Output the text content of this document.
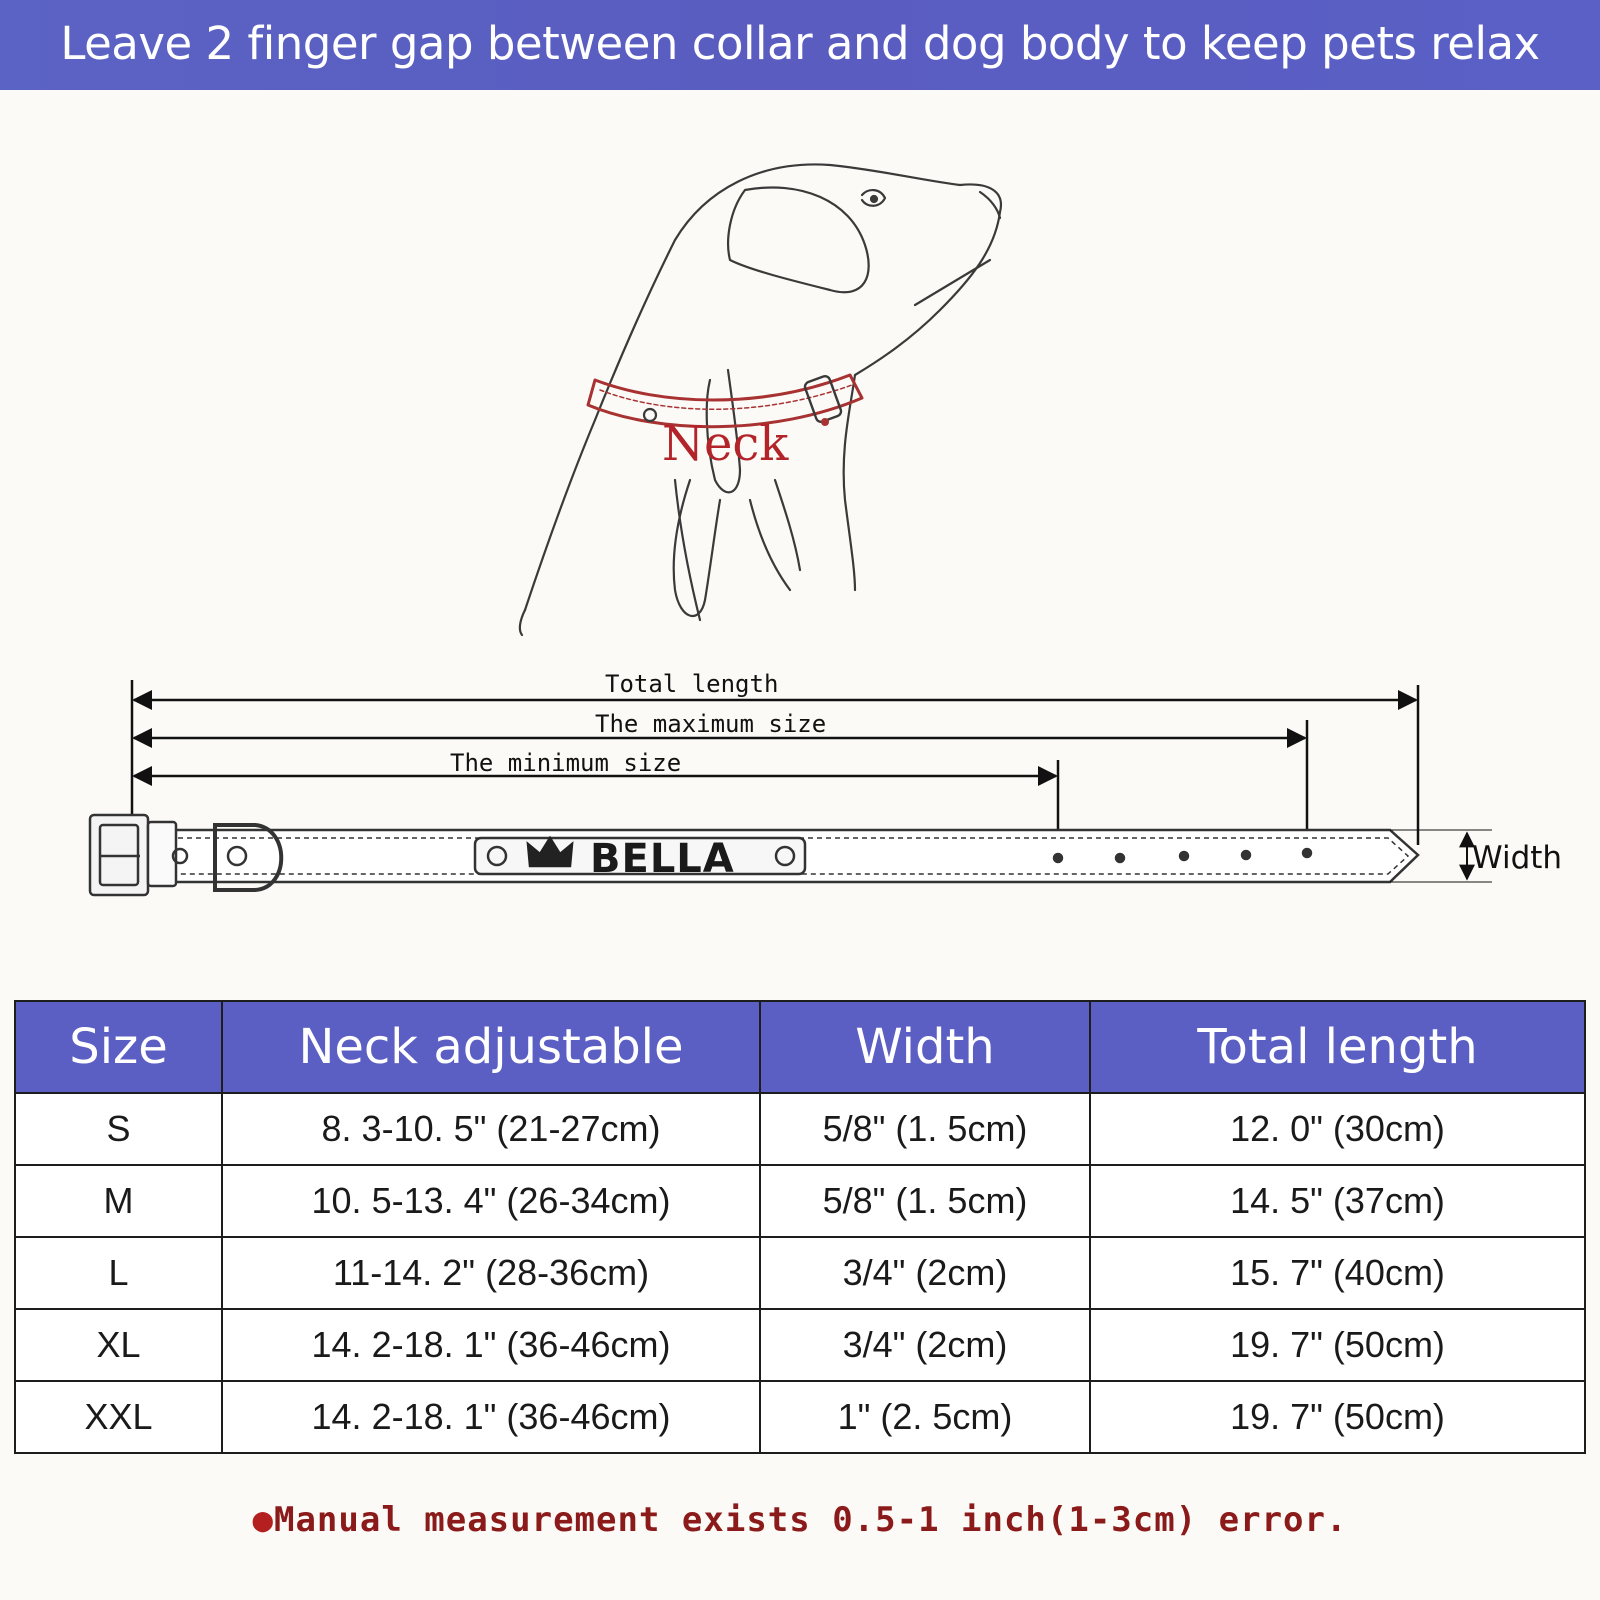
Leave 2 finger gap between collar and dog body to keep pets relax
Neck
Total length
The maximum size
The minimum size
BELLA	Width
Size	Neck adjustable	Width	Total length
S	8. 3-10. 5" (21-27cm)	5/8" (1. 5cm)	12. 0" (30cm)
M	10. 5-13. 4" (26-34cm)	5/8" (1. 5cm)	14. 5" (37cm)
L	11-14. 2" (28-36cm)	3/4" (2cm)	15. 7" (40cm)
XL	14. 2-18. 1" (36-46cm)	3/4" (2cm)	19. 7" (50cm)
XXL	14. 2-18. 1" (36-46cm)	1" (2. 5cm)	19. 7" (50cm)
●Manual measurement exists 0.5-1 inch(1-3cm) error.
